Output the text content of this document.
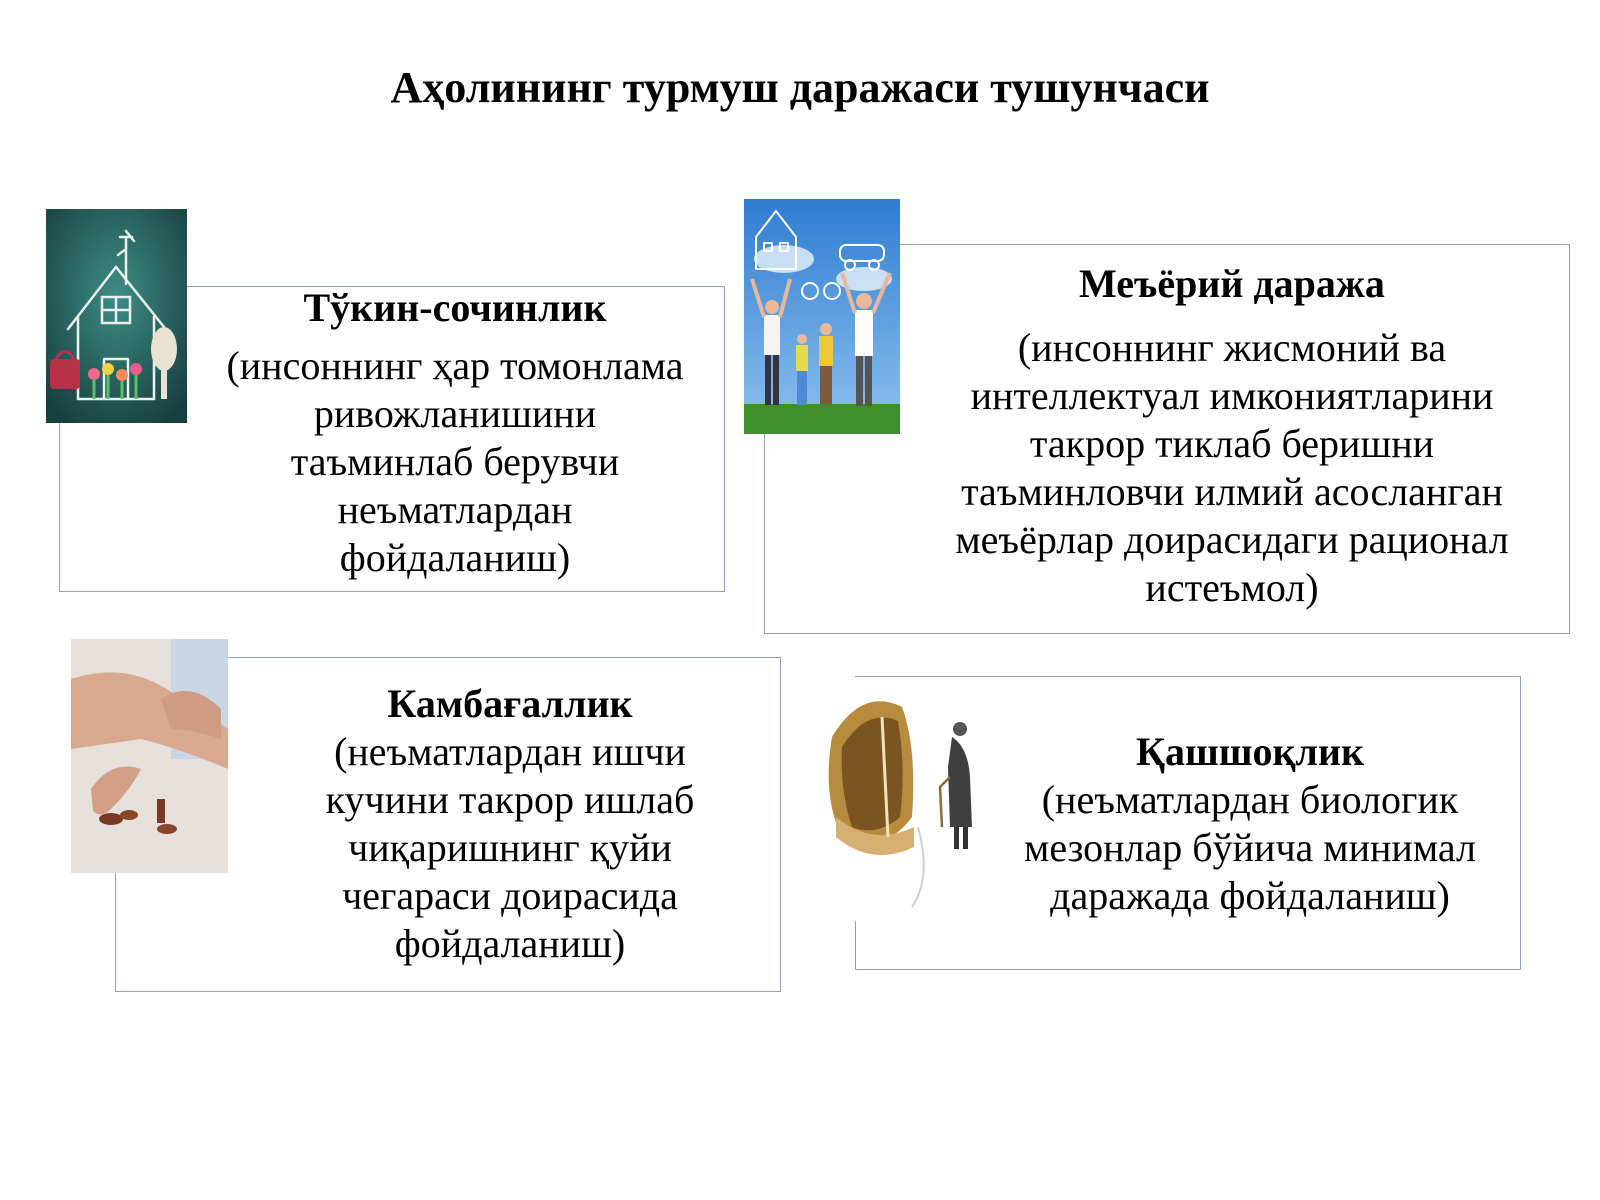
Аҳолининг турмуш даражаси тушунчаси
Тўкин-сочинлик
(инсоннинг ҳар томонлама
ривожланишини
таъминлаб берувчи
неъматлардан
фойдаланиш)
Меъёрий даража
(инсоннинг жисмоний ва
интеллектуал имкониятларини
такрор тиклаб беришни
таъминловчи илмий асосланган
меъёрлар доирасидаги рационал
истеъмол)
Камбағаллик
(неъматлардан ишчи
кучини такрор ишлаб
чиқаришнинг қуйи
чегараси доирасида
фойдаланиш)
Қашшоқлик
(неъматлардан биологик
мезонлар бўйича минимал
даражада фойдаланиш)
